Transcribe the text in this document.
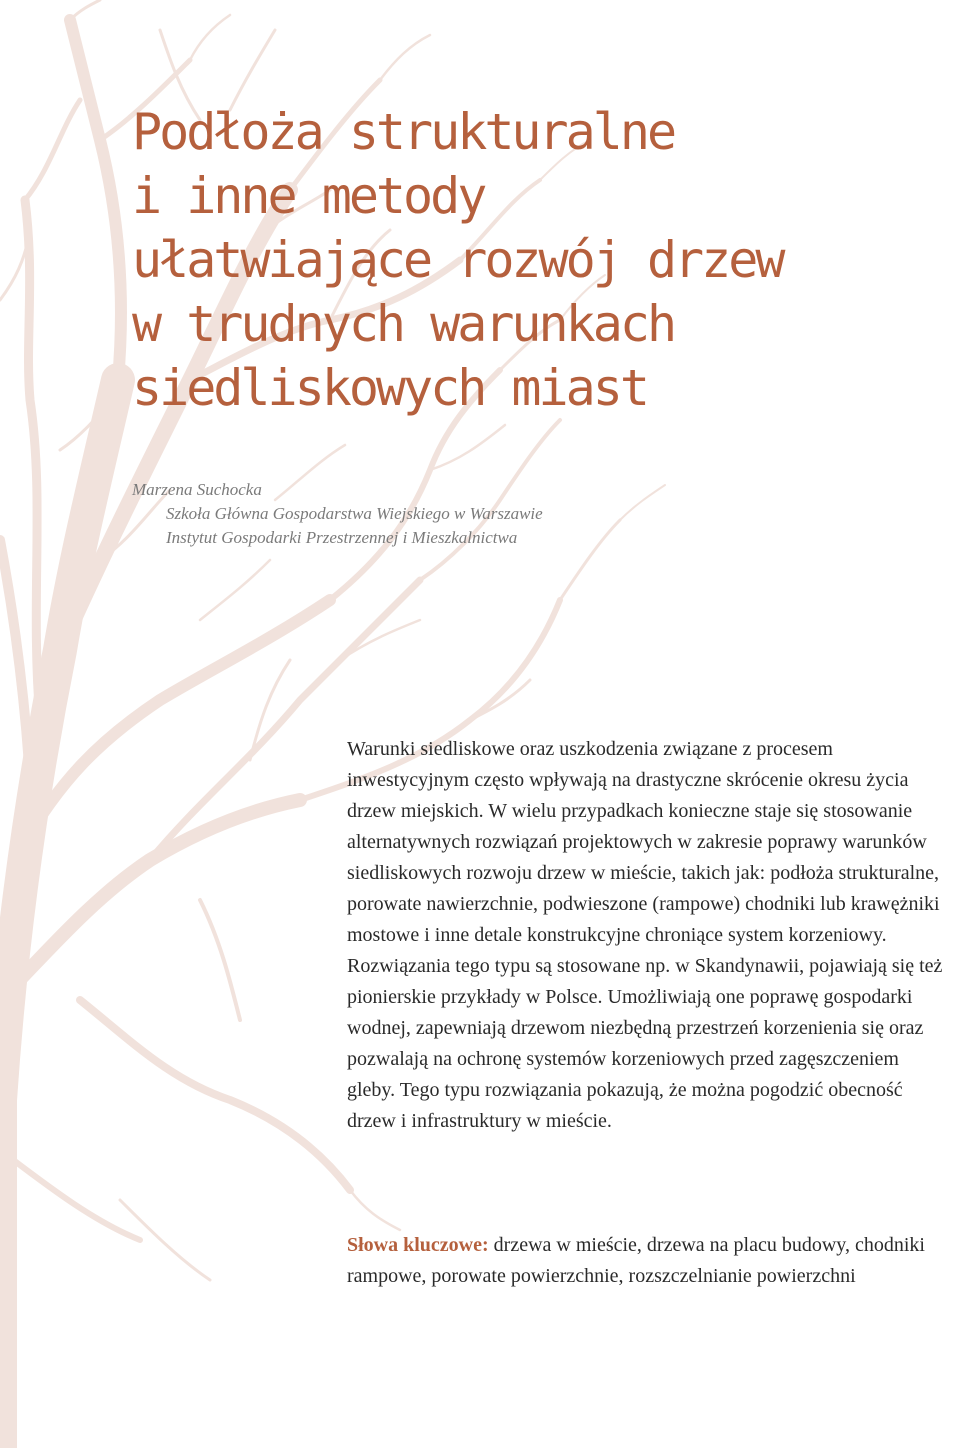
Podłoża strukturalne
i inne metody
ułatwiające rozwój drzew
w trudnych warunkach
siedliskowych miast
Marzena Suchocka
Szkoła Główna Gospodarstwa Wiejskiego w Warszawie
Instytut Gospodarki Przestrzennej i Mieszkalnictwa

Warunki siedliskowe oraz uszkodzenia związane z procesem inwestycyjnym często wpływają na drastyczne skrócenie okresu życia drzew miejskich. W wielu przypadkach konieczne staje się stosowanie alternatywnych rozwiązań projektowych w zakresie poprawy warunków siedliskowych rozwoju drzew w mieście, takich jak: podłoża strukturalne, porowate nawierzchnie, podwieszone (rampowe) chodniki lub krawężniki mostowe i inne detale konstrukcyjne chroniące system korzeniowy. Rozwiązania tego typu są stosowane np. w Skandynawii, pojawiają się też pionierskie przykłady w Polsce. Umożliwiają one poprawę gospodarki wodnej, zapewniają drzewom niezbędną przestrzeń korzenienia się oraz pozwalają na ochronę systemów korzeniowych przed zagęszczeniem gleby. Tego typu rozwiązania pokazują, że można pogodzić obecność drzew i infrastruktury w mieście.

Słowa kluczowe: drzewa w mieście, drzewa na placu budowy, chodniki rampowe, porowate powierzchnie, rozszczelnianie powierzchni
